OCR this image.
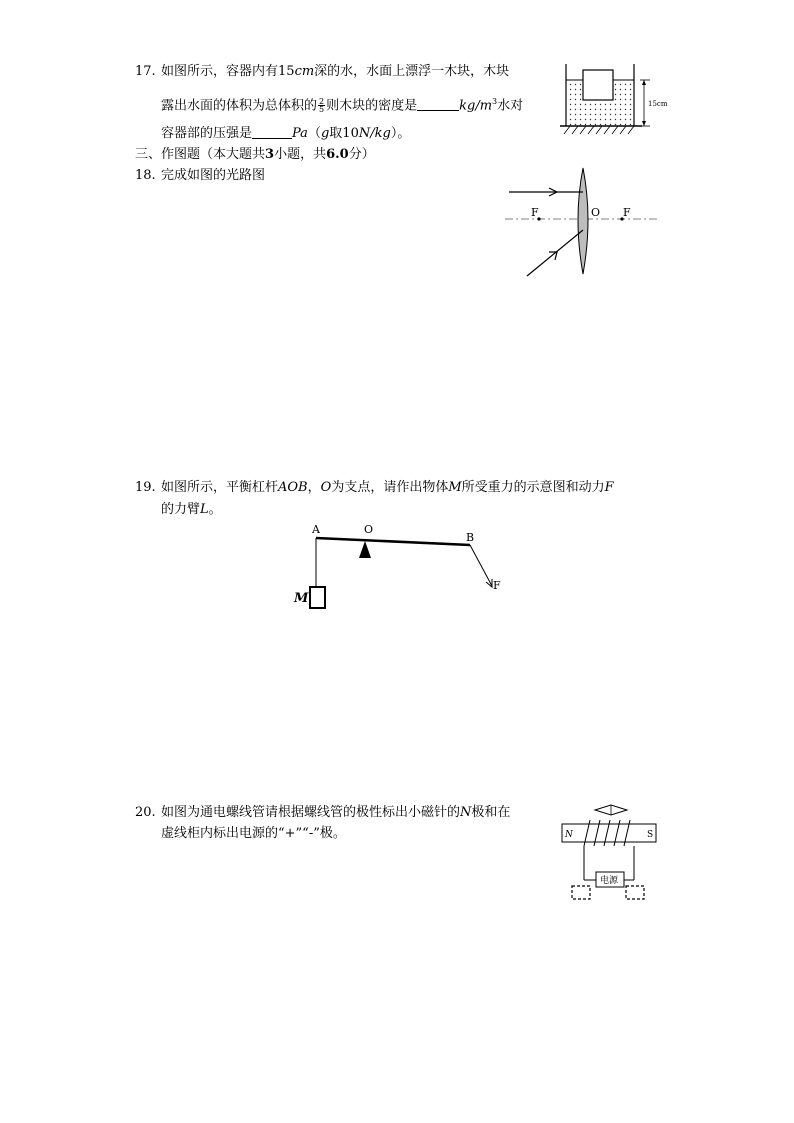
17. 如图所示，容器内有15cm深的水，水面上漂浮一木块，木块
露出水面的体积为总体积的 $\frac{2}{5}$ 则木块的密度是	$kg/m^3$水对
容器部的压强是	Pa（g取10N/kg）。
15cm
三、作图题（本大题共3小题，共6.0分）
18. 完成如图的光路图
F	O F
19. 如图所示，平衡杠杆AOB，O为支点，请作出物体M所受重力的示意图和动力F
的力臂L。
A	O
B
F
M
20. 如图为通电螺线管请根据螺线管的极性标出小磁针的N极和在
虚线柜内标出电源的“+”“-”极。	N	S
电源
